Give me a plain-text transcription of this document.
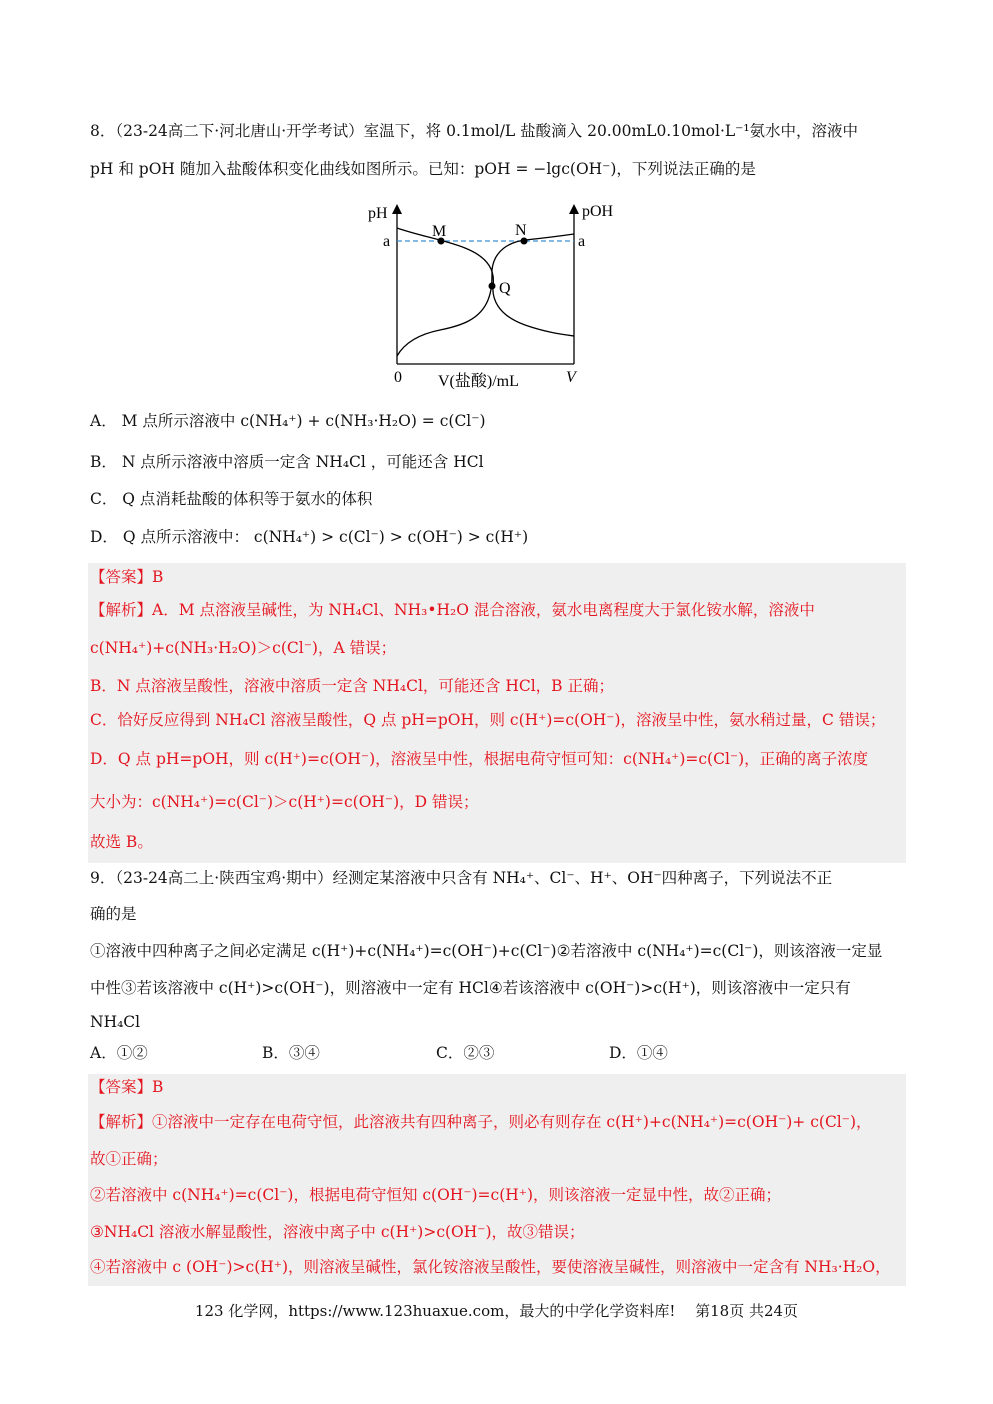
8．（23-24高二下·河北唐山·开学考试）室温下，将 0.1mol/L 盐酸滴入 20.00mL0.10mol·L⁻¹氨水中，溶液中
pH 和 pOH 随加入盐酸体积变化曲线如图所示。已知：pOH = −lgc(OH⁻)，下列说法正确的是
pH	pOH
a	a
M	N
Q
0 V(盐酸)/mL	V
A． M 点所示溶液中 c(NH₄⁺) + c(NH₃·H₂O) = c(Cl⁻)
B． N 点所示溶液中溶质一定含 NH₄Cl ，可能还含 HCl
C． Q 点消耗盐酸的体积等于氨水的体积
D． Q 点所示溶液中： c(NH₄⁺) > c(Cl⁻) > c(OH⁻) > c(H⁺)
【答案】B
【解析】A．M 点溶液呈碱性，为 NH₄Cl、NH₃•H₂O 混合溶液，氨水电离程度大于氯化铵水解，溶液中
c(NH₄⁺)+c(NH₃·H₂O)＞c(Cl⁻)，A 错误；
B．N 点溶液呈酸性，溶液中溶质一定含 NH₄Cl，可能还含 HCl，B 正确；
C．恰好反应得到 NH₄Cl 溶液呈酸性，Q 点 pH=pOH，则 c(H⁺)=c(OH⁻)，溶液呈中性，氨水稍过量，C 错误；
D．Q 点 pH=pOH，则 c(H⁺)=c(OH⁻)，溶液呈中性，根据电荷守恒可知：c(NH₄⁺)=c(Cl⁻)，正确的离子浓度
大小为：c(NH₄⁺)=c(Cl⁻)＞c(H⁺)=c(OH⁻)，D 错误；
故选 B。
9．（23-24高二上·陕西宝鸡·期中）经测定某溶液中只含有 NH₄⁺、Cl⁻、H⁺、OH⁻四种离子，下列说法不正
确的是
①溶液中四种离子之间必定满足 c(H⁺)+c(NH₄⁺)=c(OH⁻)+c(Cl⁻)②若溶液中 c(NH₄⁺)=c(Cl⁻)，则该溶液一定显
中性③若该溶液中 c(H⁺)>c(OH⁻)，则溶液中一定有 HCl④若该溶液中 c(OH⁻)>c(H⁺)，则该溶液中一定只有
NH₄Cl
A．①②	B．③④	C．②③	D．①④
【答案】B
【解析】①溶液中一定存在电荷守恒，此溶液共有四种离子，则必有则存在 c(H⁺)+c(NH₄⁺)=c(OH⁻)+ c(Cl⁻)，
故①正确；
②若溶液中 c(NH₄⁺)=c(Cl⁻)，根据电荷守恒知 c(OH⁻)=c(H⁺)，则该溶液一定显中性，故②正确；
③NH₄Cl 溶液水解显酸性，溶液中离子中 c(H⁺)>c(OH⁻)，故③错误；
④若溶液中 c (OH⁻)>c(H⁺)，则溶液呈碱性，氯化铵溶液呈酸性，要使溶液呈碱性，则溶液中一定含有 NH₃·H₂O，
123 化学网，https://www.123huaxue.com，最大的中学化学资料库!　 第18页 共24页
